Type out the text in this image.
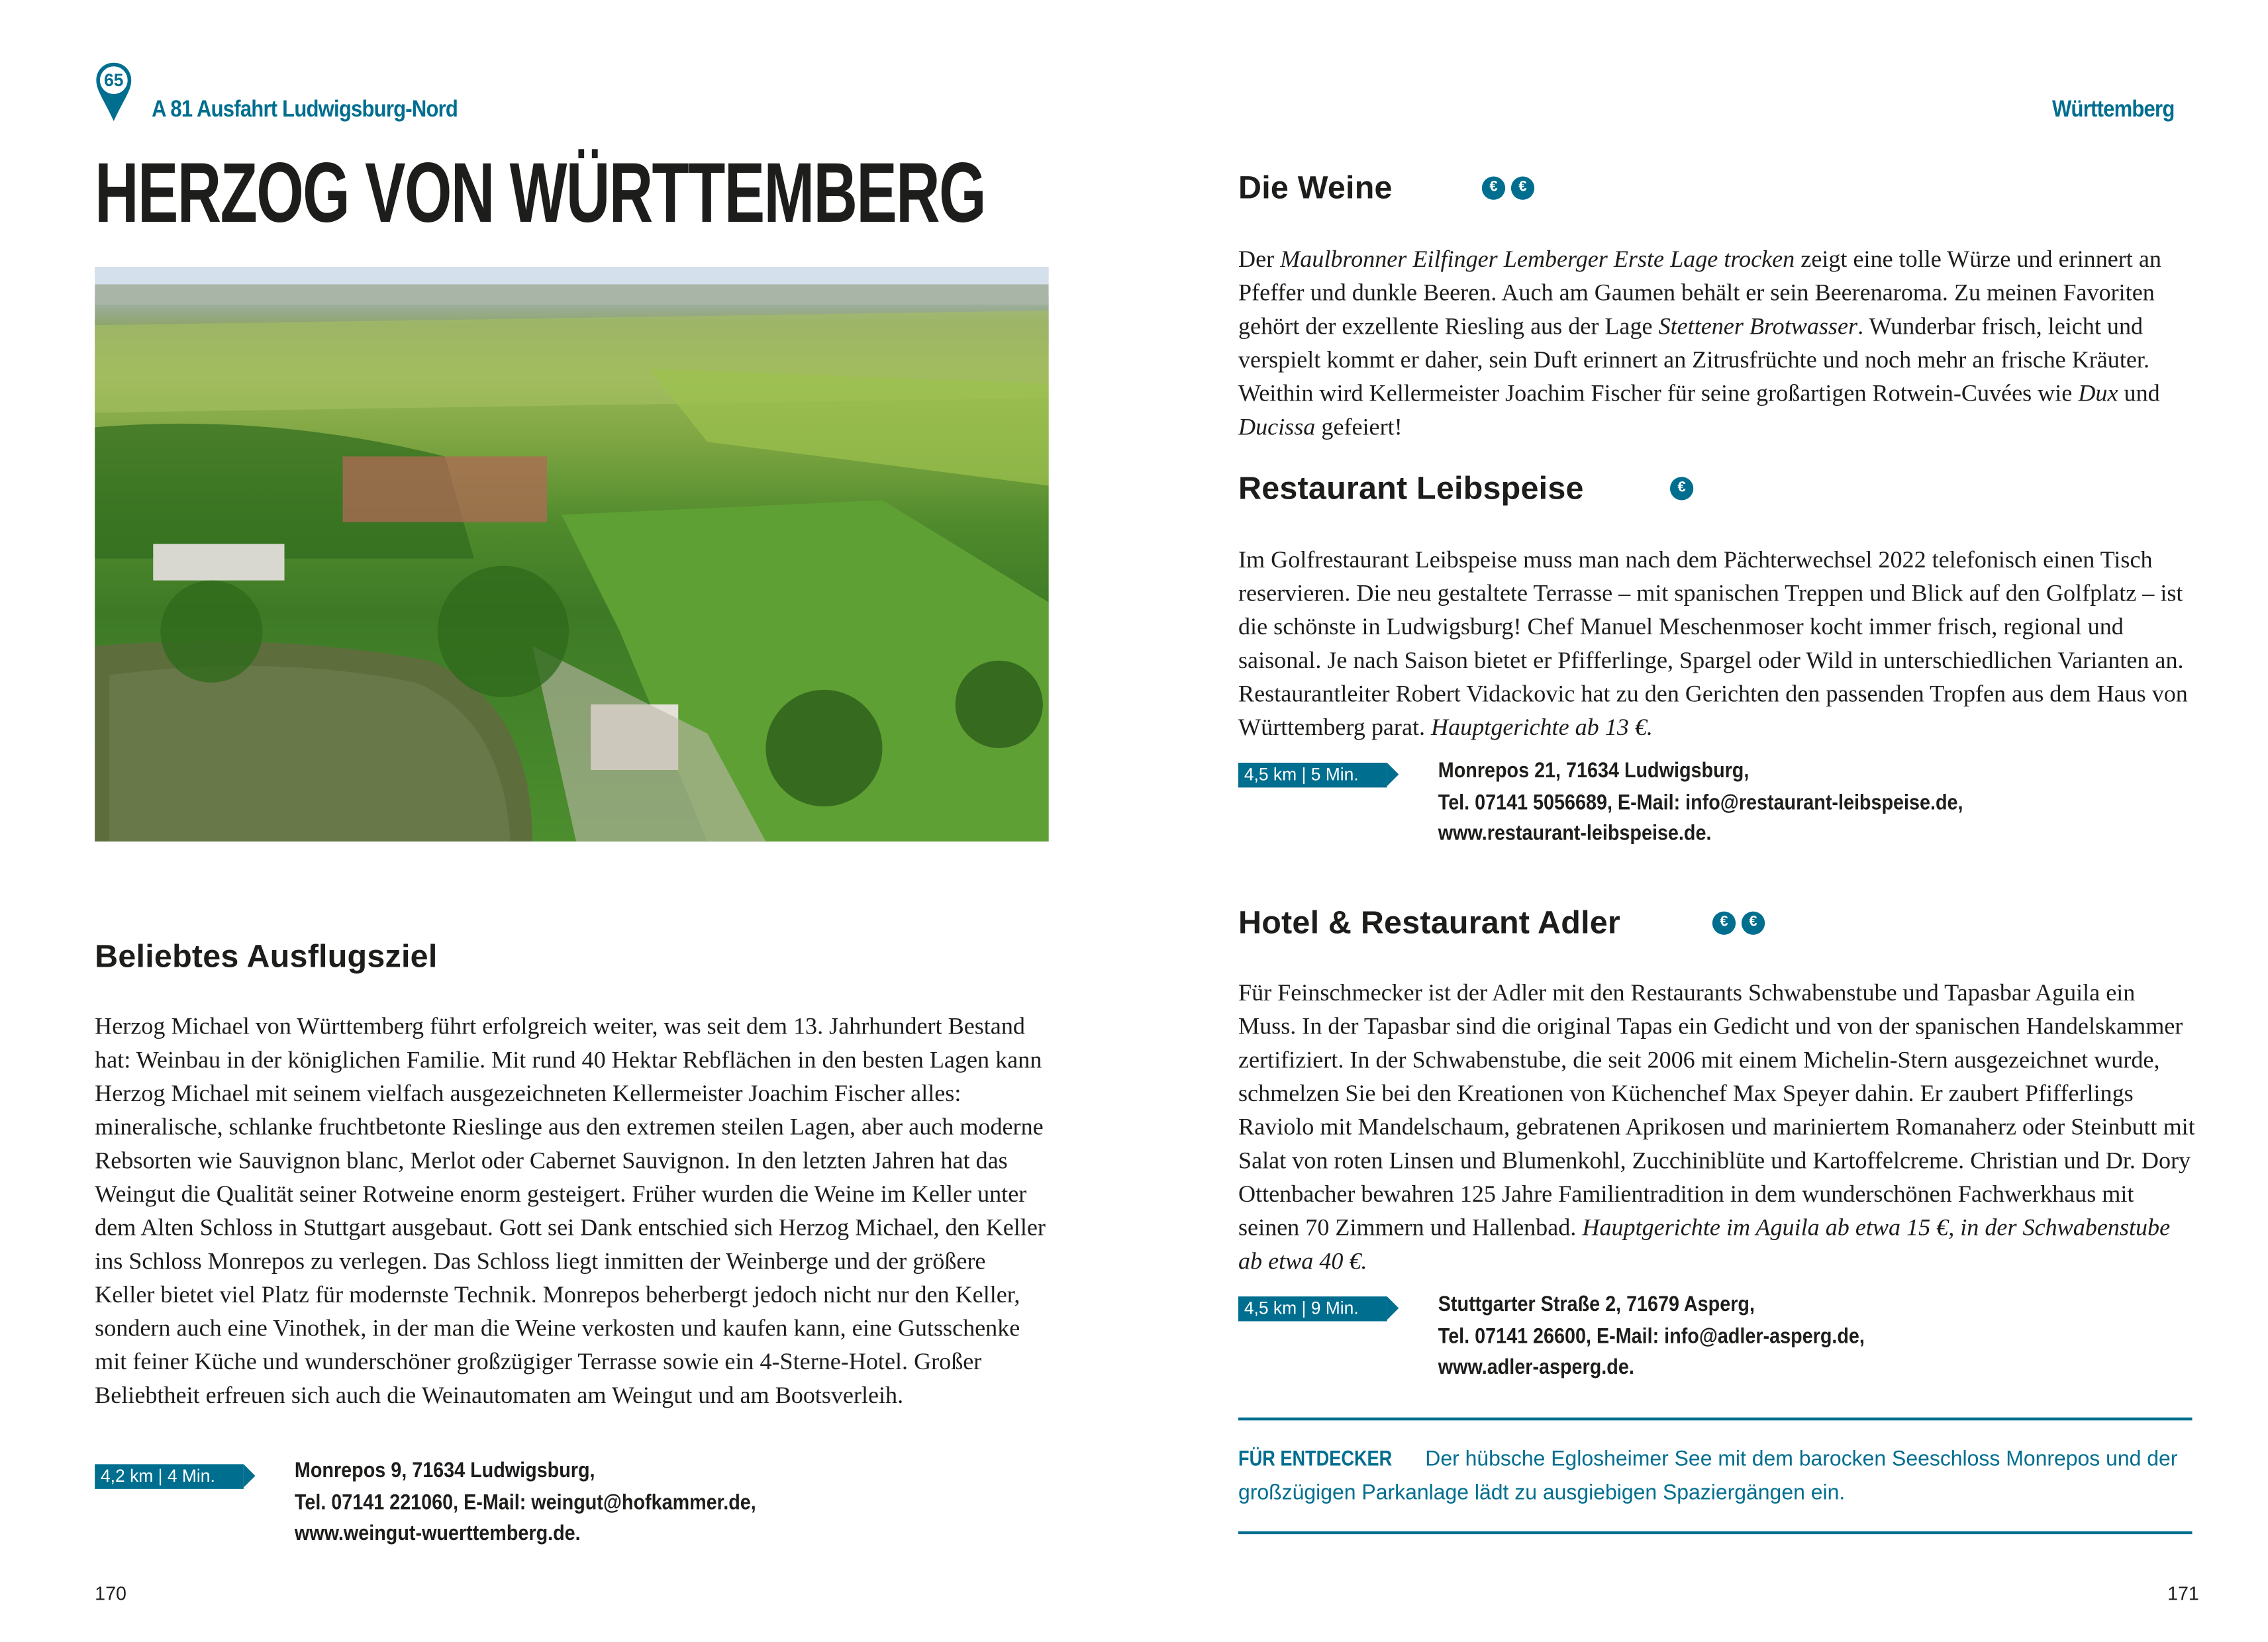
65
A 81 Ausfahrt Ludwigsburg-Nord
HERZOG VON WÜRTTEMBERG
Beliebtes Ausflugsziel
Herzog Michael von Württemberg führt erfolgreich weiter, was seit dem 13. Jahrhundert Bestand hat: Weinbau in der königlichen Familie. Mit rund 40 Hektar Rebflächen in den besten Lagen kann Herzog Michael mit seinem vielfach ausgezeichneten Kellermeister Joachim Fischer alles: mineralische, schlanke fruchtbetonte Rieslinge aus den extremen steilen Lagen, aber auch moderne Rebsorten wie Sauvignon blanc, Merlot oder Cabernet Sauvignon. In den letzten Jahren hat das Weingut die Qualität seiner Rotweine enorm gesteigert. Früher wurden die Weine im Keller unter dem Alten Schloss in Stuttgart ausgebaut. Gott sei Dank entschied sich Herzog Michael, den Keller ins Schloss Monrepos zu verlegen. Das Schloss liegt inmitten der Weinberge und der größere Keller bietet viel Platz für modernste Technik. Monrepos beherbergt jedoch nicht nur den Keller, sondern auch eine Vinothek, in der man die Weine verkosten und kaufen kann, eine Gutsschenke mit feiner Küche und wunderschöner großzügiger Terrasse sowie ein 4-Sterne-Hotel. Großer Beliebtheit erfreuen sich auch die Weinautomaten am Weingut und am Bootsverleih.
4,2 km | 4 Min.	Monrepos 9, 71634 Ludwigsburg,
Tel. 07141 221060, E-Mail: weingut@hofkammer.de,
www.weingut-wuerttemberg.de.
170
Württemberg
Die Weine	€	€
Der Maulbronner Eilfinger Lemberger Erste Lage trocken zeigt eine tolle Würze und erinnert an Pfeffer und dunkle Beeren. Auch am Gaumen behält er sein Beerenaroma. Zu meinen Favoriten gehört der exzellente Riesling aus der Lage Stettener Brotwasser. Wunderbar frisch, leicht und verspielt kommt er daher, sein Duft erinnert an Zitrusfrüchte und noch mehr an frische Kräuter. Weithin wird Kellermeister Joachim Fischer für seine großartigen Rotwein-Cuvées wie Dux und Ducissa gefeiert!
Restaurant Leibspeise	€
Im Golfrestaurant Leibspeise muss man nach dem Pächterwechsel 2022 telefonisch einen Tisch reservieren. Die neu gestaltete Terrasse – mit spanischen Treppen und Blick auf den Golfplatz – ist die schönste in Ludwigsburg! Chef Manuel Meschenmoser kocht immer frisch, regional und saisonal. Je nach Saison bietet er Pfifferlinge, Spargel oder Wild in unterschiedlichen Varianten an. Restaurantleiter Robert Vidackovic hat zu den Gerichten den passenden Tropfen aus dem Haus von Württemberg parat. Hauptgerichte ab 13 €.
4,5 km | 5 Min.	Monrepos 21, 71634 Ludwigsburg,
Tel. 07141 5056689, E-Mail: info@restaurant-leibspeise.de,
www.restaurant-leibspeise.de.
Hotel & Restaurant Adler	€	€
Für Feinschmecker ist der Adler mit den Restaurants Schwabenstube und Tapasbar Aguila ein Muss. In der Tapasbar sind die original Tapas ein Gedicht und von der spanischen Handelskammer zertifiziert. In der Schwabenstube, die seit 2006 mit einem Michelin-Stern ausgezeichnet wurde, schmelzen Sie bei den Kreationen von Küchenchef Max Speyer dahin. Er zaubert Pfifferlings Raviolo mit Mandelschaum, gebratenen Aprikosen und mariniertem Romanaherz oder Steinbutt mit Salat von roten Linsen und Blumenkohl, Zucchiniblüte und Kartoffelcreme. Christian und Dr. Dory Ottenbacher bewahren 125 Jahre Familientradition in dem wunderschönen Fachwerkhaus mit seinen 70 Zimmern und Hallenbad. Hauptgerichte im Aguila ab etwa 15 €, in der Schwabenstube ab etwa 40 €.
4,5 km | 9 Min.	Stuttgarter Straße 2, 71679 Asperg,
Tel. 07141 26600, E-Mail: info@adler-asperg.de,
www.adler-asperg.de.
FÜR ENTDECKER	Der hübsche Eglosheimer See mit dem barocken Seeschloss Monrepos und der großzügigen Parkanlage lädt zu ausgiebigen Spaziergängen ein.
171
